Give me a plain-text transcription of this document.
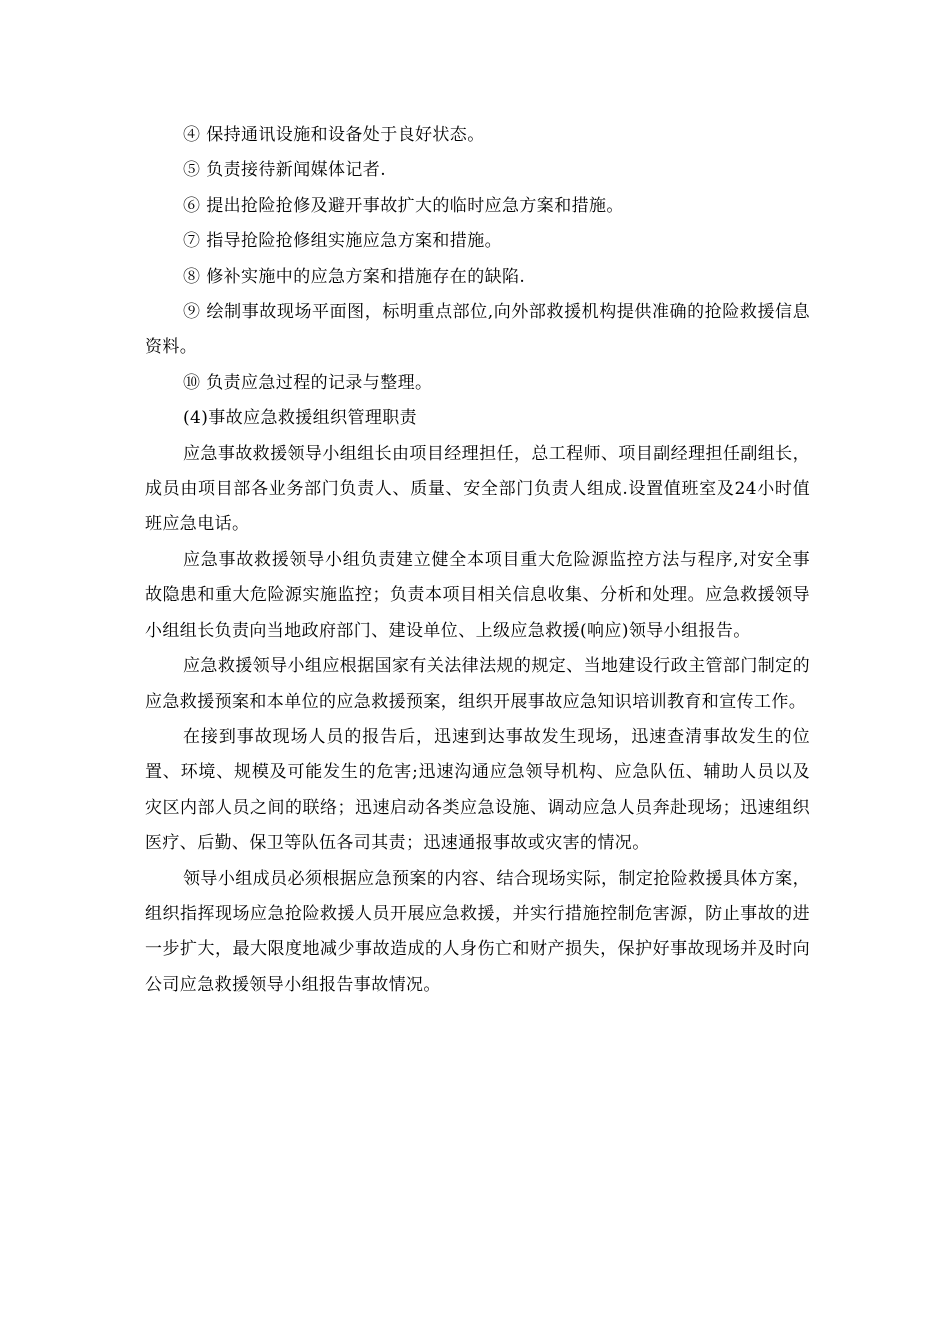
④ 保持通讯设施和设备处于良好状态。

⑤ 负责接待新闻媒体记者.

⑥ 提出抢险抢修及避开事故扩大的临时应急方案和措施。

⑦ 指导抢险抢修组实施应急方案和措施。

⑧ 修补实施中的应急方案和措施存在的缺陷.

⑨ 绘制事故现场平面图，标明重点部位,向外部救援机构提供准确的抢险救援信息资料。

⑩ 负责应急过程的记录与整理。

(4)事故应急救援组织管理职责

应急事故救援领导小组组长由项目经理担任，总工程师、项目副经理担任副组长，成员由项目部各业务部门负责人、质量、安全部门负责人组成.设置值班室及24小时值班应急电话。

应急事故救援领导小组负责建立健全本项目重大危险源监控方法与程序,对安全事故隐患和重大危险源实施监控；负责本项目相关信息收集、分析和处理。应急救援领导小组组长负责向当地政府部门、建设单位、上级应急救援(响应)领导小组报告。

应急救援领导小组应根据国家有关法律法规的规定、当地建设行政主管部门制定的应急救援预案和本单位的应急救援预案，组织开展事故应急知识培训教育和宣传工作。

在接到事故现场人员的报告后，迅速到达事故发生现场，迅速查清事故发生的位置、环境、规模及可能发生的危害;迅速沟通应急领导机构、应急队伍、辅助人员以及灾区内部人员之间的联络；迅速启动各类应急设施、调动应急人员奔赴现场；迅速组织医疗、后勤、保卫等队伍各司其责；迅速通报事故或灾害的情况。

领导小组成员必须根据应急预案的内容、结合现场实际，制定抢险救援具体方案，组织指挥现场应急抢险救援人员开展应急救援，并实行措施控制危害源，防止事故的进一步扩大，最大限度地减少事故造成的人身伤亡和财产损失，保护好事故现场并及时向公司应急救援领导小组报告事故情况。
